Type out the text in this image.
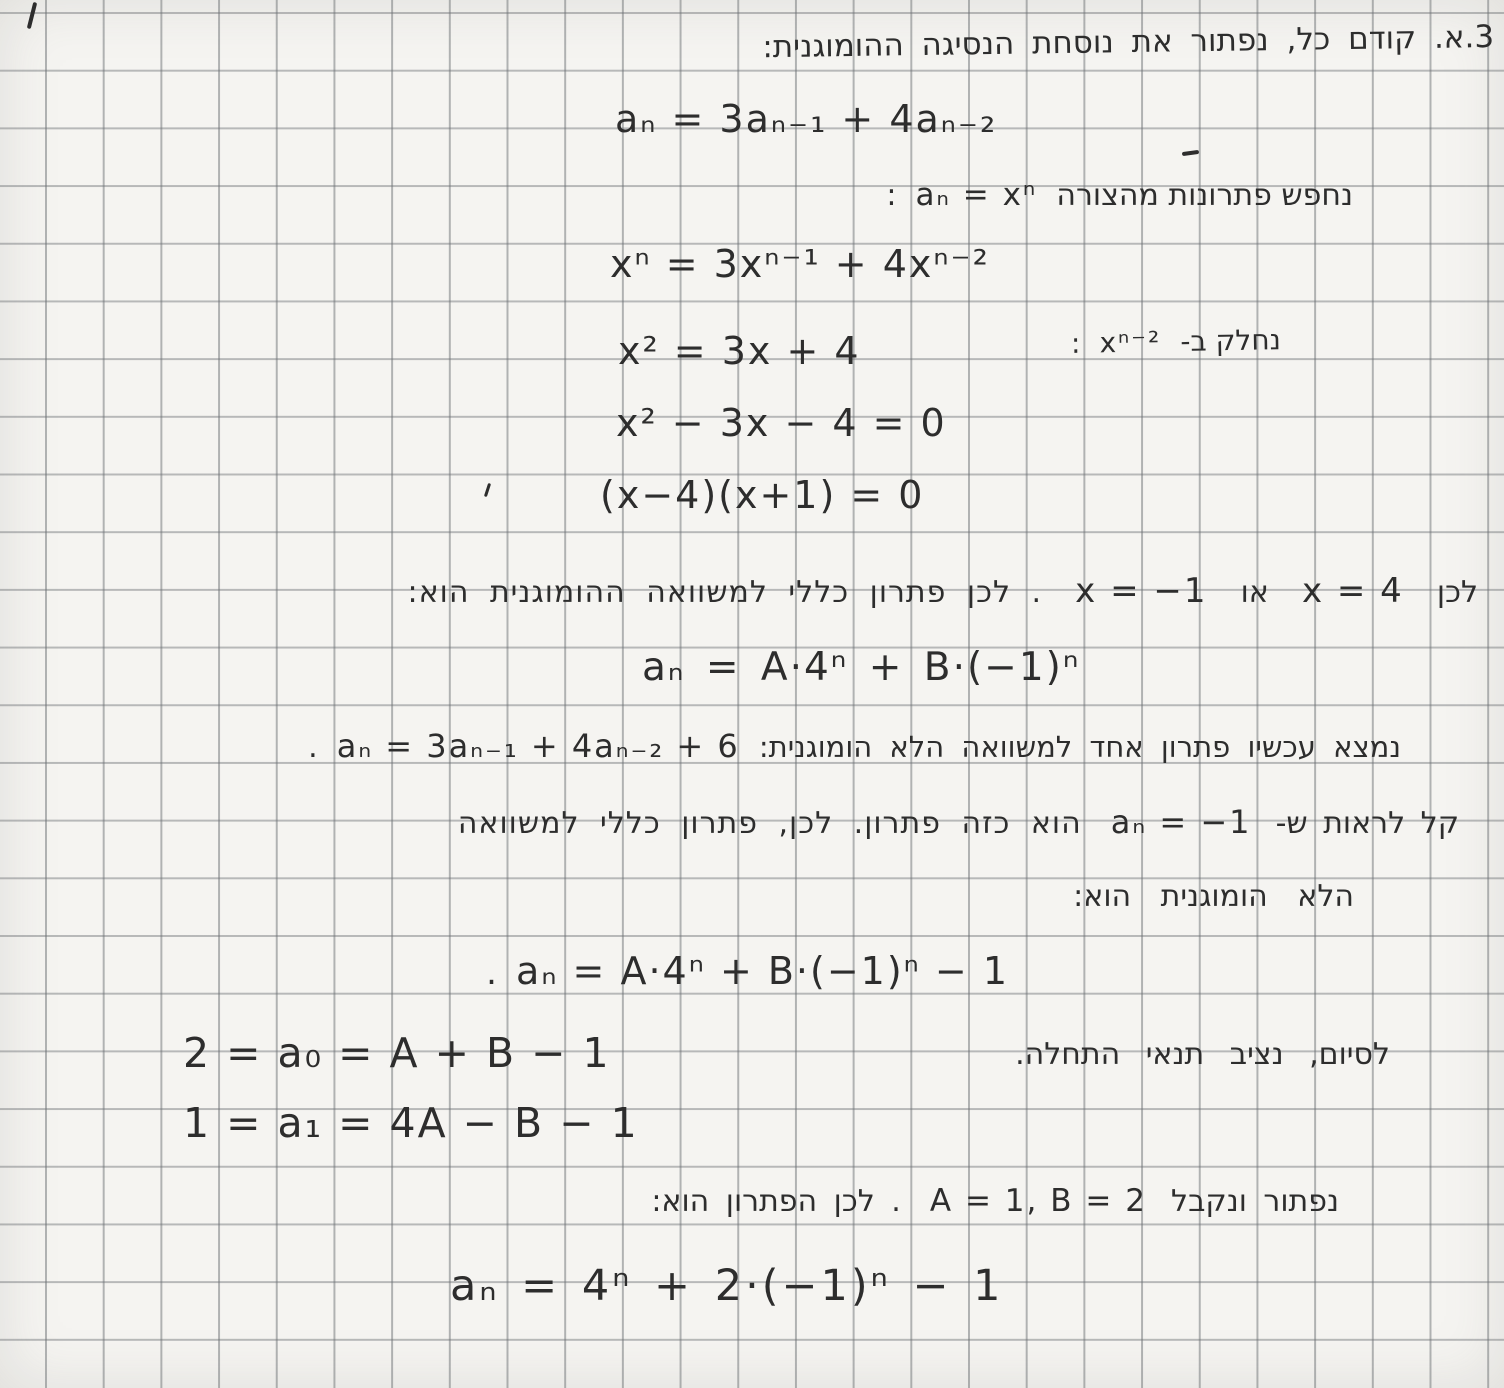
3.א. קודם כל, נפתור את נוסחת הנסיגה ההומוגנית:
aₙ = 3aₙ₋₁ + 4aₙ₋₂
נחפש פתרונות מהצורה aₙ = xⁿ :
xⁿ = 3xⁿ⁻¹ + 4xⁿ⁻²
נחלק ב- xⁿ⁻² :
x² = 3x + 4
x² − 3x − 4 = 0
(x−4)(x+1) = 0
לכן x = 4 או x = −1 . לכן פתרון כללי למשוואה ההומוגנית הוא:
aₙ = A·4ⁿ + B·(−1)ⁿ
נמצא עכשיו פתרון אחד למשוואה הלא הומוגנית: aₙ = 3aₙ₋₁ + 4aₙ₋₂ + 6 .
קל לראות ש- aₙ = −1 הוא כזה פתרון. לכן, פתרון כללי למשוואה
הלא הומוגנית הוא:
aₙ = A·4ⁿ + B·(−1)ⁿ − 1 .
2 = a₀ = A + B − 1	לסיום, נציב תנאי התחלה.
1 = a₁ = 4A − B − 1
נפתור ונקבל A = 1, B = 2 . לכן הפתרון הוא:
aₙ = 4ⁿ + 2·(−1)ⁿ − 1
